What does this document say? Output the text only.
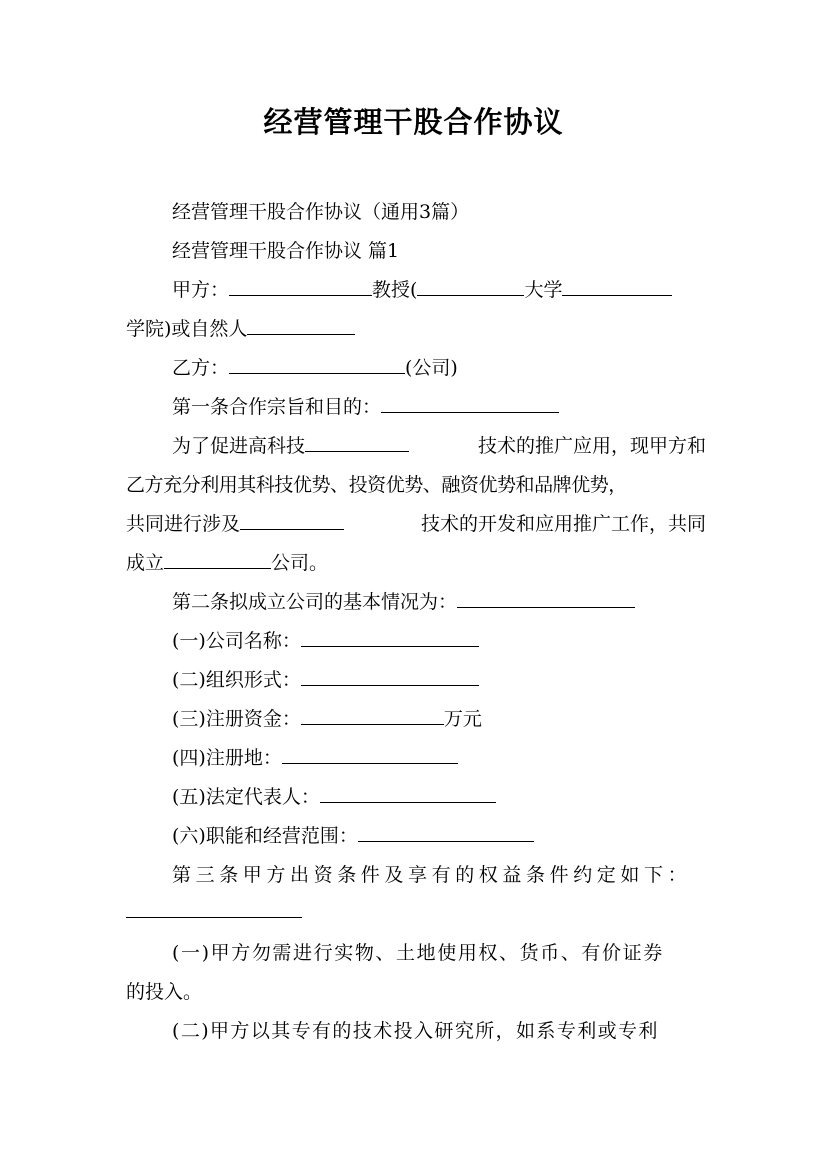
经营管理干股合作协议
经营管理干股合作协议（通用3篇）
经营管理干股合作协议 篇1
甲方：	教授(	大学
学院)或自然人
乙方：	(公司)
第一条合作宗旨和目的：
为了促进高科技	技术的推广应用，现甲方和
乙方充分利用其科技优势、投资优势、融资优势和品牌优势，
共同进行涉及	技术的开发和应用推广工作，共同
成立	公司。
第二条拟成立公司的基本情况为：
(一)公司名称：
(二)组织形式：
(三)注册资金：	万元
(四)注册地：
(五)法定代表人：
(六)职能和经营范围：
第三条甲方出资条件及享有的权益条件约定如下：
(一)甲方勿需进行实物、土地使用权、货币、有价证券
的投入。
(二)甲方以其专有的技术投入研究所，如系专利或专利
